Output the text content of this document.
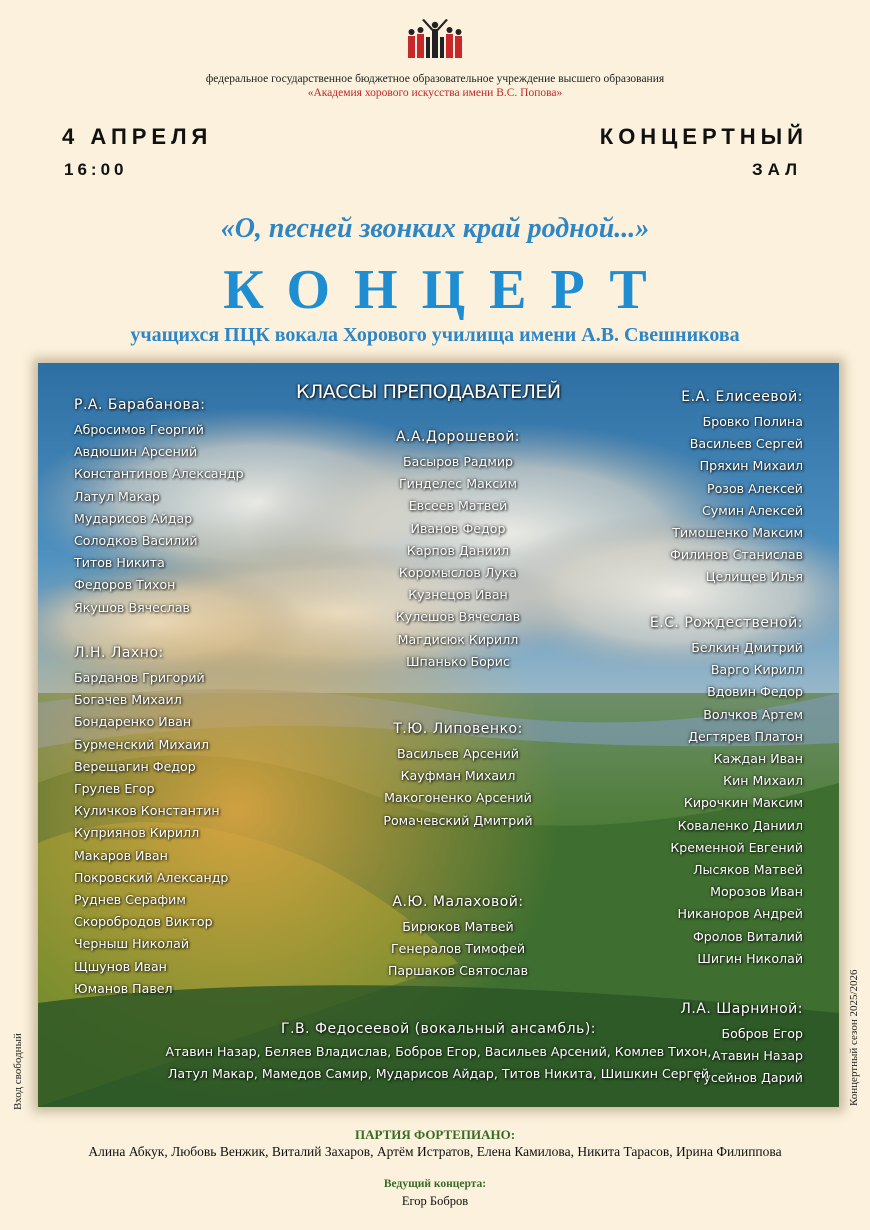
федеральное государственное бюджетное образовательное учреждение высшего образования
«Академия хорового искусства имени В.С. Попова»
4 АПРЕЛЯ
16:00
КОНЦЕРТНЫЙ
ЗАЛ
«О, песней звонких край родной...»
КОНЦЕРТ
учащихся ПЦК вокала Хорового училища имени А.В. Свешникова
КЛАССЫ ПРЕПОДАВАТЕЛЕЙ
Р.А. Барабанова:
Абросимов Георгий
Авдюшин Арсений
Константинов Александр
Латул Макар
Мударисов Айдар
Солодков Василий
Титов Никита
Федоров Тихон
Якушов Вячеслав
Л.Н. Лахно:
Барданов Григорий
Богачев Михаил
Бондаренко Иван
Бурменский Михаил
Верещагин Федор
Грулев Егор
Куличков Константин
Куприянов Кирилл
Макаров Иван
Покровский Александр
Руднев Серафим
Скоробродов Виктор
Черныш Николай
Щшунов Иван
Юманов Павел
А.А.Дорошевой:
Басыров Радмир
Гинделес Максим
Евсеев Матвей
Иванов Федор
Карпов Даниил
Коромыслов Лука
Кузнецов Иван
Кулешов Вячеслав
Магдисюк Кирилл
Шпанько Борис
Т.Ю. Липовенко:
Васильев Арсений
Кауфман Михаил
Макогоненко Арсений
Ромачевский Дмитрий
А.Ю. Малаховой:
Бирюков Матвей
Генералов Тимофей
Паршаков Святослав
Е.А. Елисеевой:
Бровко Полина
Васильев Сергей
Пряхин Михаил
Розов Алексей
Сумин Алексей
Тимошенко Максим
Филинов Станислав
Целищев Илья
Е.С. Рождественой:
Белкин Дмитрий
Варго Кирилл
Вдовин Федор
Волчков Артем
Дегтярев Платон
Каждан Иван
Кин Михаил
Кирочкин Максим
Коваленко Даниил
Кременной Евгений
Лысяков Матвей
Морозов Иван
Никаноров Андрей
Фролов Виталий
Шигин Николай
Л.А. Шарниной:
Бобров Егор
Атавин Назар
Гусейнов Дарий
Г.В. Федосеевой (вокальный ансамбль):
Атавин Назар, Беляев Владислав, Бобров Егор, Васильев Арсений, Комлев Тихон,
Латул Макар, Мамедов Самир, Мударисов Айдар, Титов Никита, Шишкин Сергей
Вход свободный	Концертный сезон 2025/2026
ПАРТИЯ ФОРТЕПИАНО:
Алина Абкук, Любовь Венжик, Виталий Захаров, Артём Истратов, Елена Камилова, Никита Тарасов, Ирина Филиппова
Ведущий концерта:
Егор Бобров
